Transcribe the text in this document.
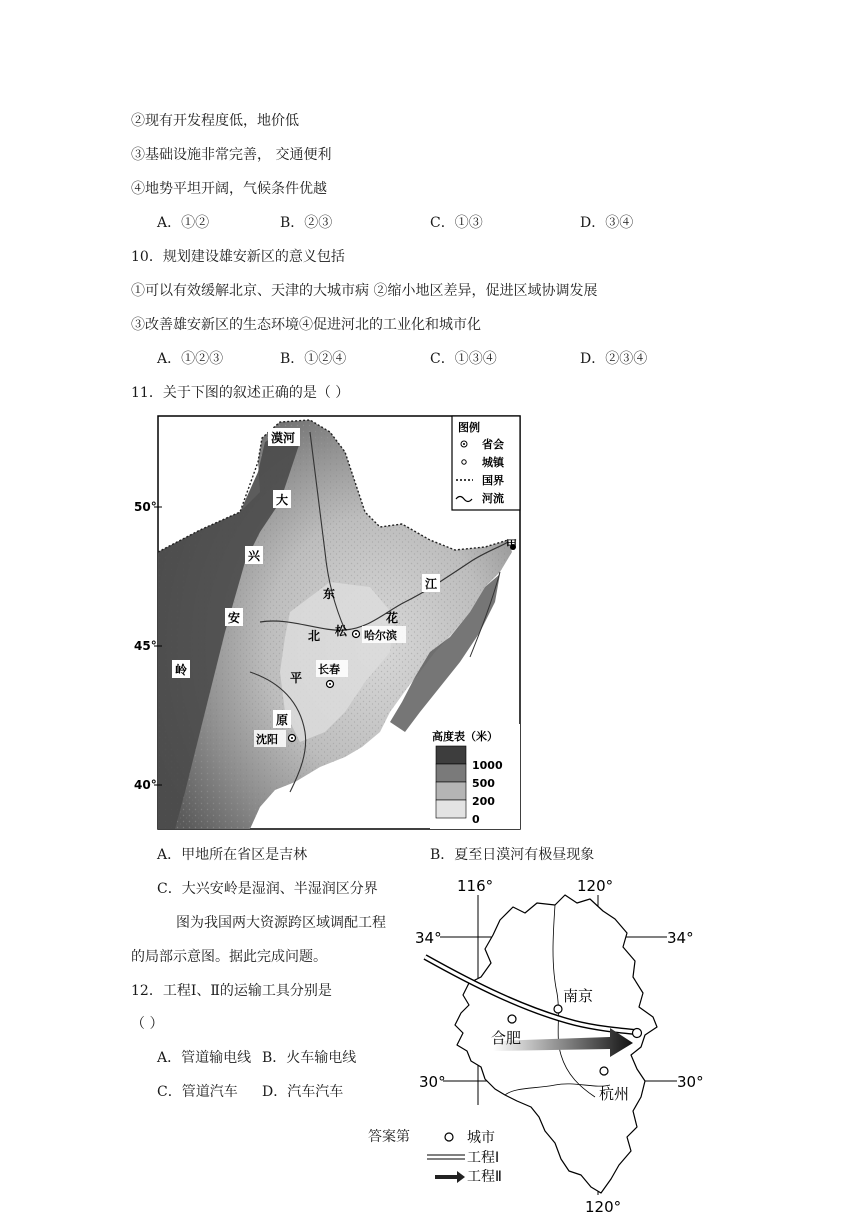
②现有开发程度低，地价低
③基础设施非常完善， 交通便利
④地势平坦开阔，气候条件优越
A．①②	B．②③	C．①③	D．③④
10．规划建设雄安新区的意义包括
①可以有效缓解北京、天津的大城市病 ②缩小地区差异，促进区域协调发展
③改善雄安新区的生态环境④促进河北的工业化和城市化
A．①②③	B．①②④	C．①③④	D．②③④
11．关于下图的叙述正确的是（ ）
50°
45°
40°
漠河
大
兴
安
岭
东
北
平
原
松
花
江
哈尔滨
长春
沈阳
甲
图例
省会
城镇
国界
河流
高度表（米）
1000
500
200
0
A．甲地所在省区是吉林	B．夏至日漠河有极昼现象
C．大兴安岭是湿润、半湿润区分界
图为我国两大资源跨区域调配工程
的局部示意图。据此完成问题。
12．工程Ⅰ、Ⅱ的运输工具分别是
（ ）
A．管道输电线 B．火车输电线
C．管道汽车 D．汽车汽车
答案第
南京
合肥
杭州
116°	120°
120°
34°	34°
30°	30°
城市
工程Ⅰ
工程Ⅱ
